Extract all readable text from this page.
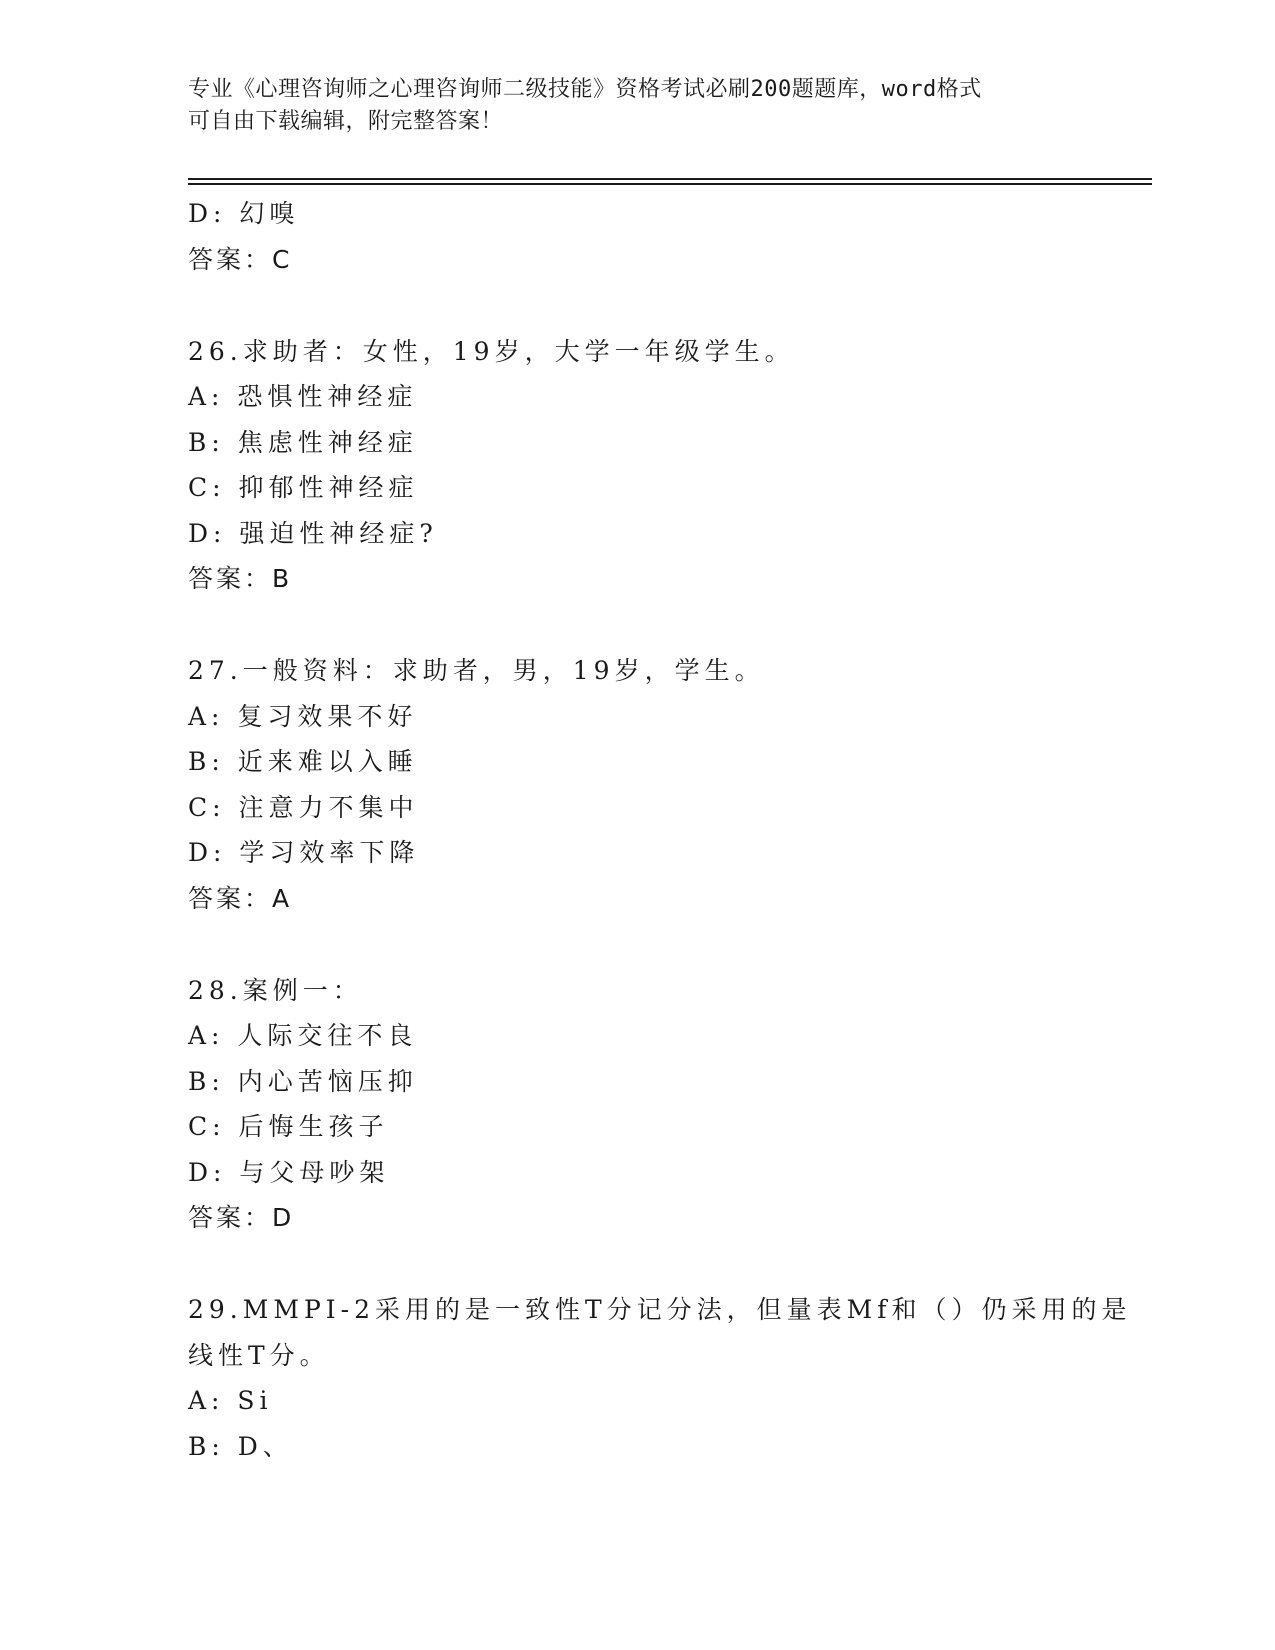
专业《心理咨询师之心理咨询师二级技能》资格考试必刷200题题库，word格式
可自由下载编辑，附完整答案！
D: 幻嗅
答案：C
26.求助者：女性，19岁，大学一年级学生。
A: 恐惧性神经症
B: 焦虑性神经症
C: 抑郁性神经症
D: 强迫性神经症?
答案：B
27.一般资料：求助者，男，19岁，学生。
A: 复习效果不好
B: 近来难以入睡
C: 注意力不集中
D: 学习效率下降
答案：A
28.案例一：
A: 人际交往不良
B: 内心苦恼压抑
C: 后悔生孩子
D: 与父母吵架
答案：D
29.MMPI-2采用的是一致性T分记分法，但量表Mf和（）仍采用的是
线性T分。
A: Si
B: D、
